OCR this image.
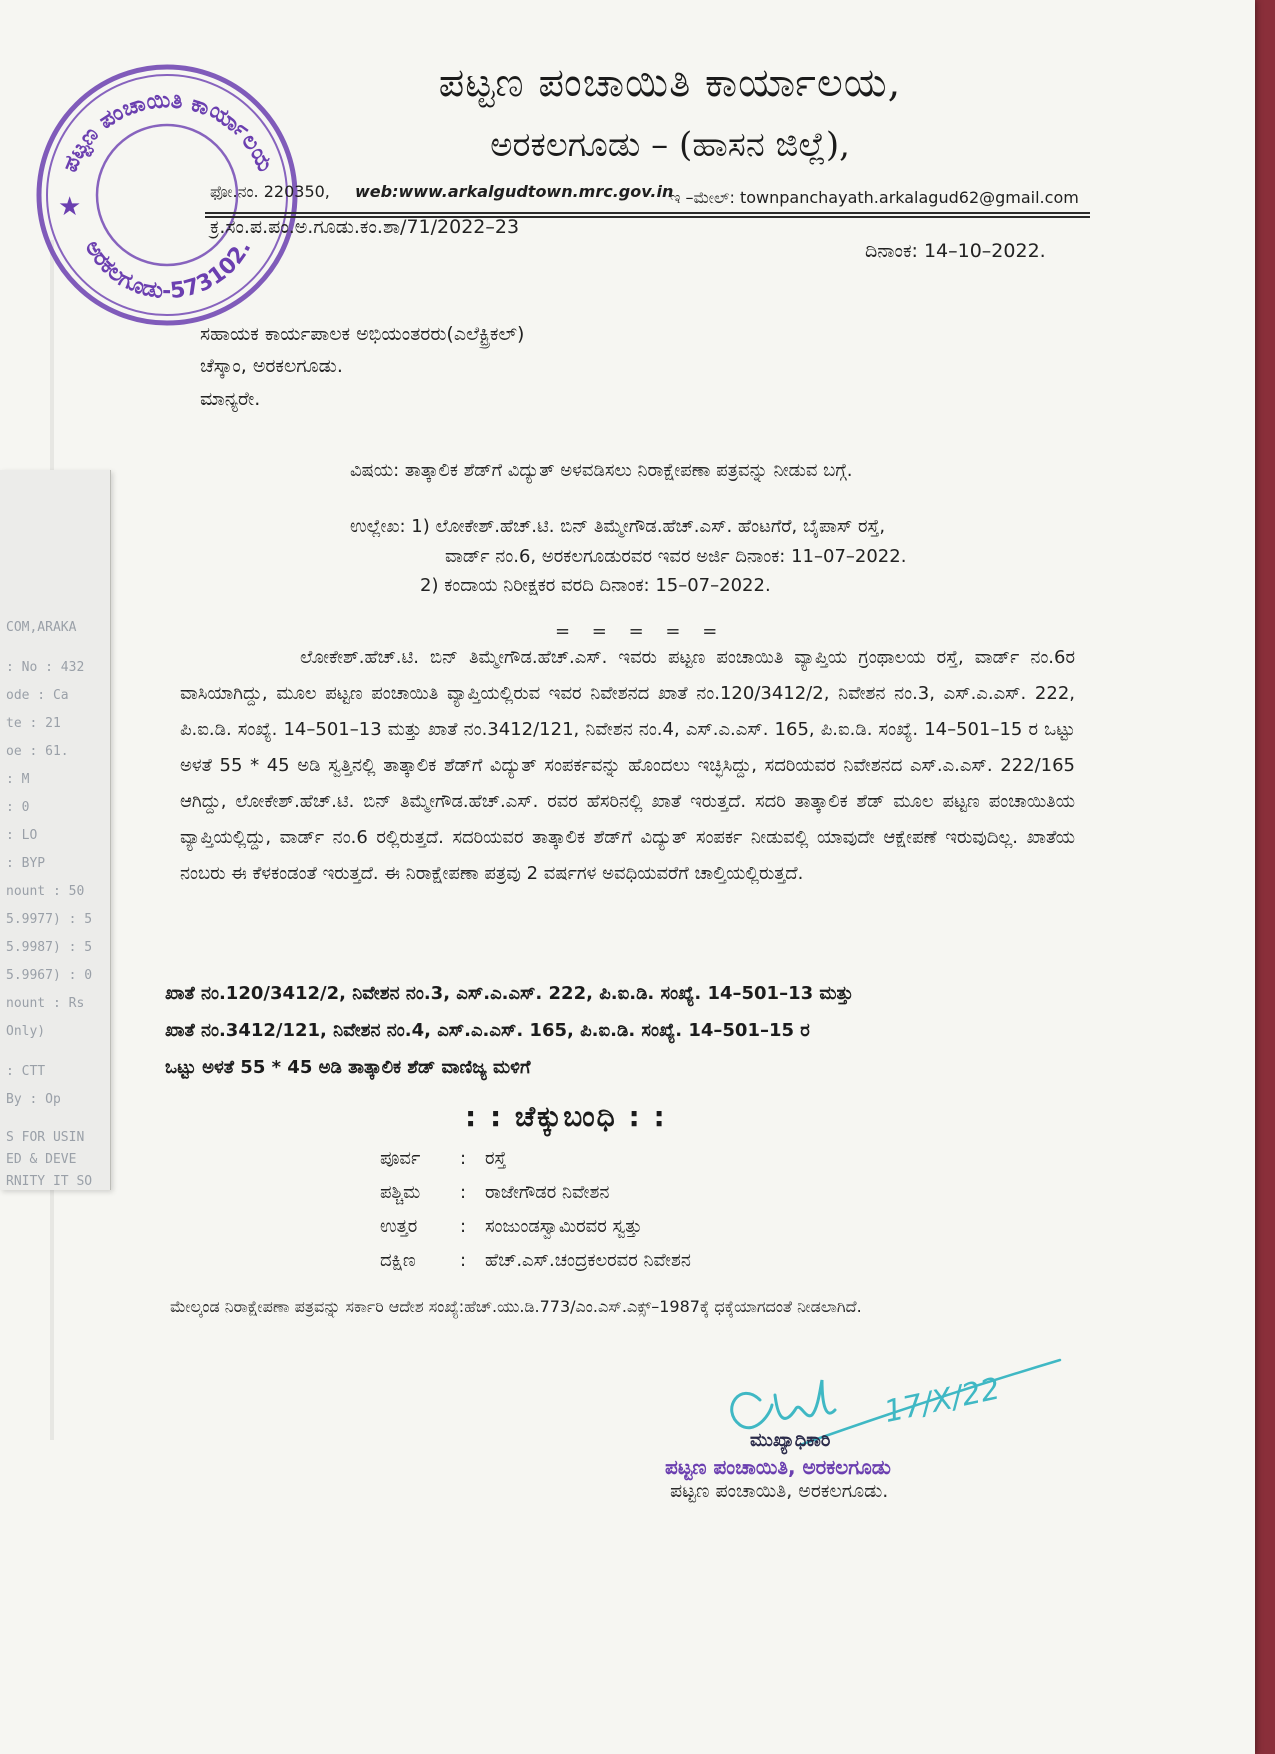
COM,ARAKA
: No : 432
ode : Ca
te : 21
oe : 61.
: M
: 0
: LO
: BYP
nount : 50
5.9977) : 5
5.9987) : 5
5.9967) : 0
nount : Rs
Only)
: CTT
By : Op
S FOR USIN
ED & DEVE
RNITY IT SO
ಪಟ್ಟಣ ಪಂಚಾಯಿತಿ ಕಾರ್ಯಾಲಯ
ಅರಕಲಗೂಡು-573102.
★
ಪಟ್ಟಣ ಪಂಚಾಯಿತಿ ಕಾರ್ಯಾಲಯ,
ಅರಕಲಗೂಡು – (ಹಾಸನ ಜಿಲ್ಲೆ),
ಫೋ.ನಂ. 220350, web:www.arkalgudtown.mrc.gov.in
ಇ –ಮೇಲ್: townpanchayath.arkalagud62@gmail.com
ಕ್ರ.ಸಂ.ಪ.ಪಂ.ಅ.ಗೂಡು.ಕಂ.ಶಾ/71/2022–23
ದಿನಾಂಕ: 14–10–2022.
ಸಹಾಯಕ ಕಾರ್ಯಪಾಲಕ ಅಭಿಯಂತರರು(ಎಲೆಕ್ಟ್ರಿಕಲ್)
ಚೆಸ್ಕಾಂ, ಅರಕಲಗೂಡು.
ಮಾನ್ಯರೇ.
ವಿಷಯ: ತಾತ್ಕಾಲಿಕ ಶೆಡ್‌ಗೆ ವಿದ್ಯುತ್ ಅಳವಡಿಸಲು ನಿರಾಕ್ಷೇಪಣಾ ಪತ್ರವನ್ನು ನೀಡುವ ಬಗ್ಗೆ.
ಉಲ್ಲೇಖ: 1) ಲೋಕೇಶ್.ಹೆಚ್.ಟಿ. ಬಿನ್ ತಿಮ್ಮೇಗೌಡ.ಹೆಚ್.ಎಸ್. ಹೆಂಟಗೆರೆ, ಬೈಪಾಸ್ ರಸ್ತೆ,
ವಾರ್ಡ್ ನಂ.6, ಅರಕಲಗೂಡುರವರ ಇವರ ಅರ್ಜಿ ದಿನಾಂಕ: 11–07–2022.
2) ಕಂದಾಯ ನಿರೀಕ್ಷಕರ ವರದಿ ದಿನಾಂಕ: 15–07–2022.
= = = = =
ಲೋಕೇಶ್.ಹೆಚ್.ಟಿ. ಬಿನ್ ತಿಮ್ಮೇಗೌಡ.ಹೆಚ್.ಎಸ್. ಇವರು ಪಟ್ಟಣ ಪಂಚಾಯಿತಿ ವ್ಯಾಪ್ತಿಯ ಗ್ರಂಥಾಲಯ ರಸ್ತೆ, ವಾರ್ಡ್ ನಂ.6ರ ವಾಸಿಯಾಗಿದ್ದು, ಮೂಲ ಪಟ್ಟಣ ಪಂಚಾಯಿತಿ ವ್ಯಾಪ್ತಿಯಲ್ಲಿರುವ ಇವರ ನಿವೇಶನದ ಖಾತೆ ನಂ.120/3412/2, ನಿವೇಶನ ನಂ.3, ಎಸ್.ಎ.ಎಸ್. 222, ಪಿ.ಐ.ಡಿ. ಸಂಖ್ಯೆ. 14–501–13 ಮತ್ತು ಖಾತೆ ನಂ.3412/121, ನಿವೇಶನ ನಂ.4, ಎಸ್.ಎ.ಎಸ್. 165, ಪಿ.ಐ.ಡಿ. ಸಂಖ್ಯೆ. 14–501–15 ರ ಒಟ್ಟು ಅಳತೆ 55 * 45 ಅಡಿ ಸ್ವತ್ತಿನಲ್ಲಿ ತಾತ್ಕಾಲಿಕ ಶೆಡ್‌ಗೆ ವಿದ್ಯುತ್ ಸಂಪರ್ಕವನ್ನು ಹೊಂದಲು ಇಚ್ಛಿಸಿದ್ದು, ಸದರಿಯವರ ನಿವೇಶನದ ಎಸ್.ಎ.ಎಸ್. 222/165 ಆಗಿದ್ದು, ಲೋಕೇಶ್.ಹೆಚ್.ಟಿ. ಬಿನ್ ತಿಮ್ಮೇಗೌಡ.ಹೆಚ್.ಎಸ್. ರವರ ಹೆಸರಿನಲ್ಲಿ ಖಾತೆ ಇರುತ್ತದೆ. ಸದರಿ ತಾತ್ಕಾಲಿಕ ಶೆಡ್ ಮೂಲ ಪಟ್ಟಣ ಪಂಚಾಯಿತಿಯ ವ್ಯಾಪ್ತಿಯಲ್ಲಿದ್ದು, ವಾರ್ಡ್ ನಂ.6 ರಲ್ಲಿರುತ್ತದೆ. ಸದರಿಯವರ ತಾತ್ಕಾಲಿಕ ಶೆಡ್‌ಗೆ ವಿದ್ಯುತ್ ಸಂಪರ್ಕ ನೀಡುವಲ್ಲಿ ಯಾವುದೇ ಆಕ್ಷೇಪಣೆ ಇರುವುದಿಲ್ಲ. ಖಾತೆಯ ನಂಬರು ಈ ಕೆಳಕಂಡಂತೆ ಇರುತ್ತದೆ. ಈ ನಿರಾಕ್ಷೇಪಣಾ ಪತ್ರವು 2 ವರ್ಷಗಳ ಅವಧಿಯವರೆಗೆ ಚಾಲ್ತಿಯಲ್ಲಿರುತ್ತದೆ.
ಖಾತೆ ನಂ.120/3412/2, ನಿವೇಶನ ನಂ.3, ಎಸ್.ಎ.ಎಸ್. 222, ಪಿ.ಐ.ಡಿ. ಸಂಖ್ಯೆ. 14–501–13 ಮತ್ತು
ಖಾತೆ ನಂ.3412/121, ನಿವೇಶನ ನಂ.4, ಎಸ್.ಎ.ಎಸ್. 165, ಪಿ.ಐ.ಡಿ. ಸಂಖ್ಯೆ. 14–501–15 ರ
ಒಟ್ಟು ಅಳತೆ 55 * 45 ಅಡಿ ತಾತ್ಕಾಲಿಕ ಶೆಡ್ ವಾಣಿಜ್ಯ ಮಳಿಗೆ
: : ಚೆಕ್ಕುಬಂಧಿ : :
ಪೂರ್ವ : ರಸ್ತೆ
ಪಶ್ಚಿಮ : ರಾಜೇಗೌಡರ ನಿವೇಶನ
ಉತ್ತರ : ಸಂಜುಂಡಸ್ವಾಮಿರವರ ಸ್ವತ್ತು
ದಕ್ಷಿಣ : ಹೆಚ್.ಎಸ್.ಚಂದ್ರಕಲರವರ ನಿವೇಶನ
ಮೇಲ್ಕಂಡ ನಿರಾಕ್ಷೇಪಣಾ ಪತ್ರವನ್ನು ಸರ್ಕಾರಿ ಆದೇಶ ಸಂಖ್ಯೆ:ಹೆಚ್.ಯು.ಡಿ.773/ಎಂ.ಎಸ್.ಎಕ್ಸ್–1987ಕ್ಕೆ ಧಕ್ಕೆಯಾಗದಂತೆ ನೀಡಲಾಗಿದೆ.
17/X/22
ಮುಖ್ಯಾಧಿಕಾರಿ
ಪಟ್ಟಣ ಪಂಚಾಯಿತಿ, ಅರಕಲಗೂಡು
ಪಟ್ಟಣ ಪಂಚಾಯಿತಿ, ಅರಕಲಗೂಡು.
